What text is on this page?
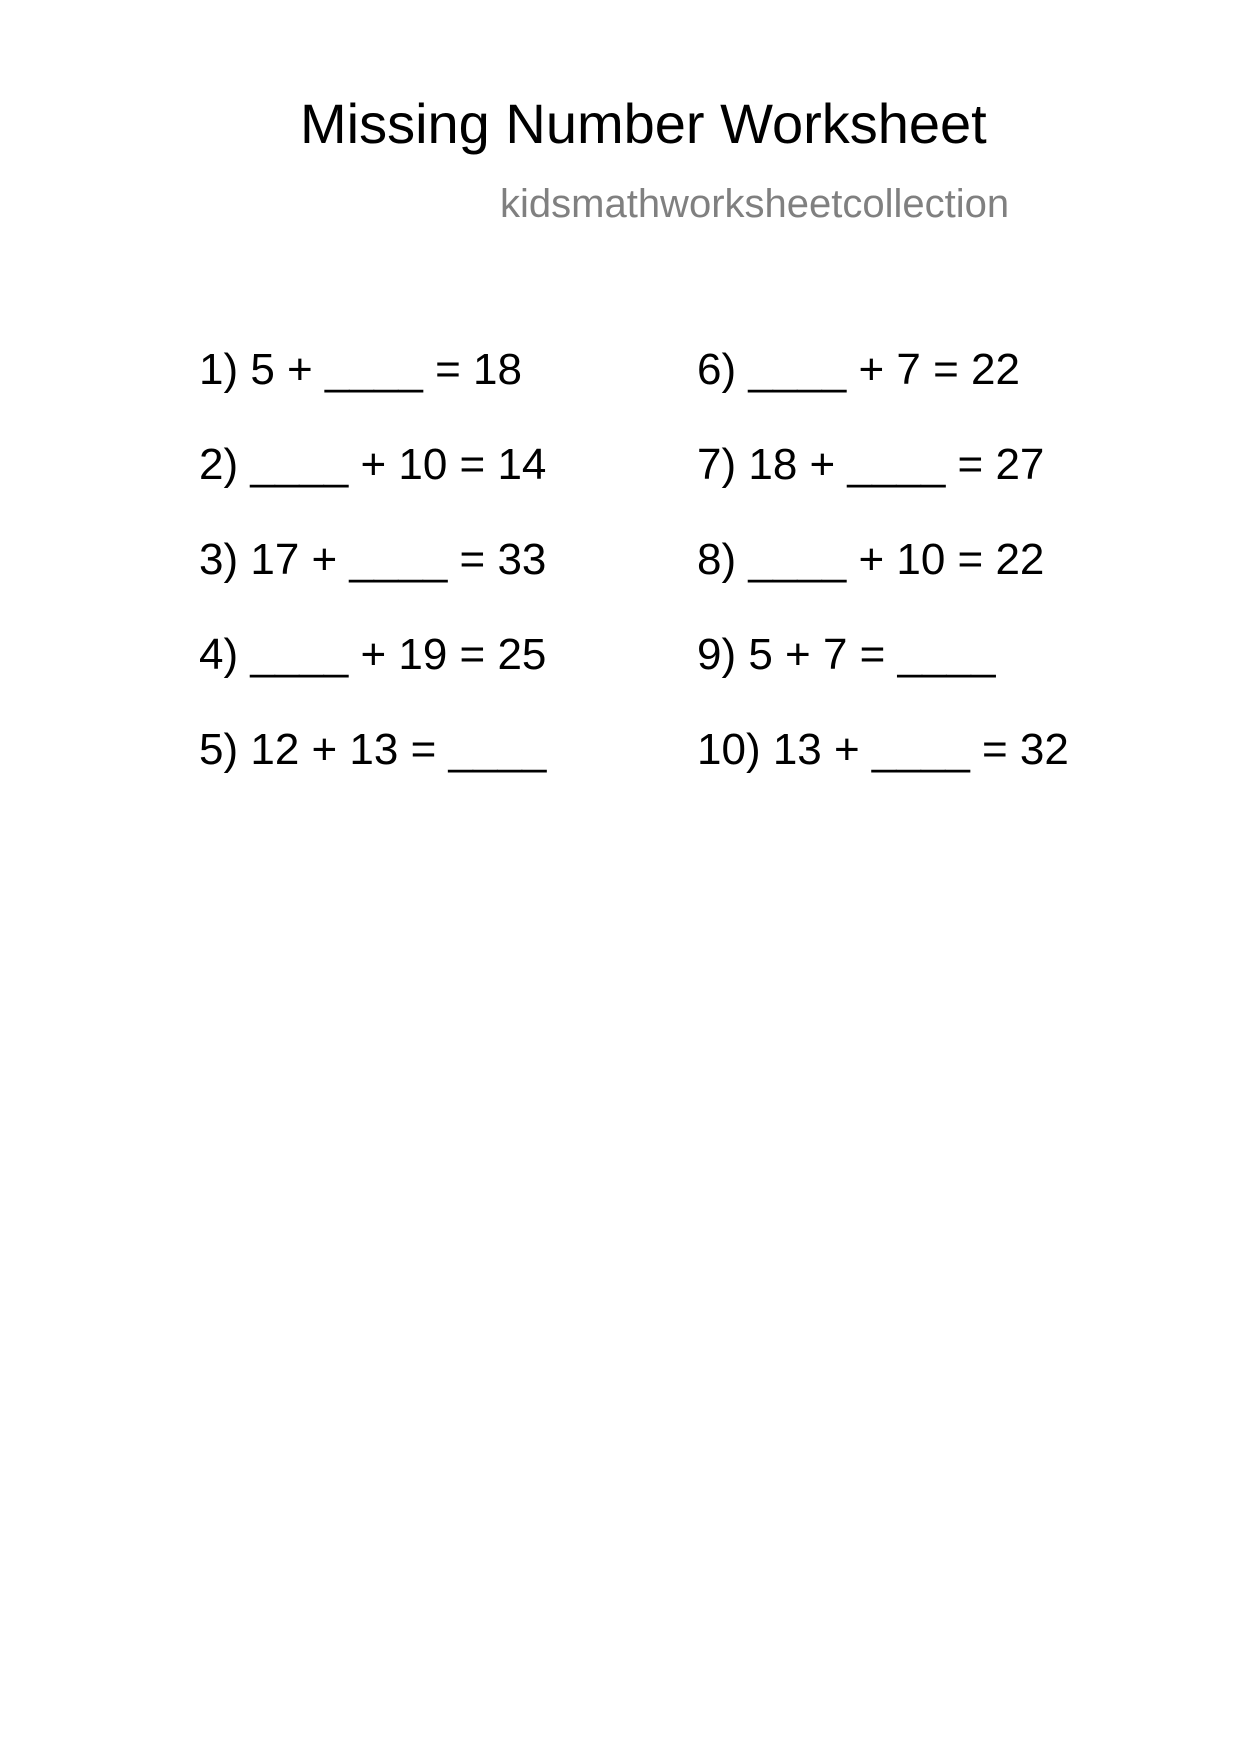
Missing Number Worksheet
kidsmathworksheetcollection
1) 5 + ____ = 18
2) ____ + 10 = 14
3) 17 + ____ = 33
4) ____ + 19 = 25
5) 12 + 13 = ____
6) ____ + 7 = 22
7) 18 + ____ = 27
8) ____ + 10 = 22
9) 5 + 7 = ____
10) 13 + ____ = 32
